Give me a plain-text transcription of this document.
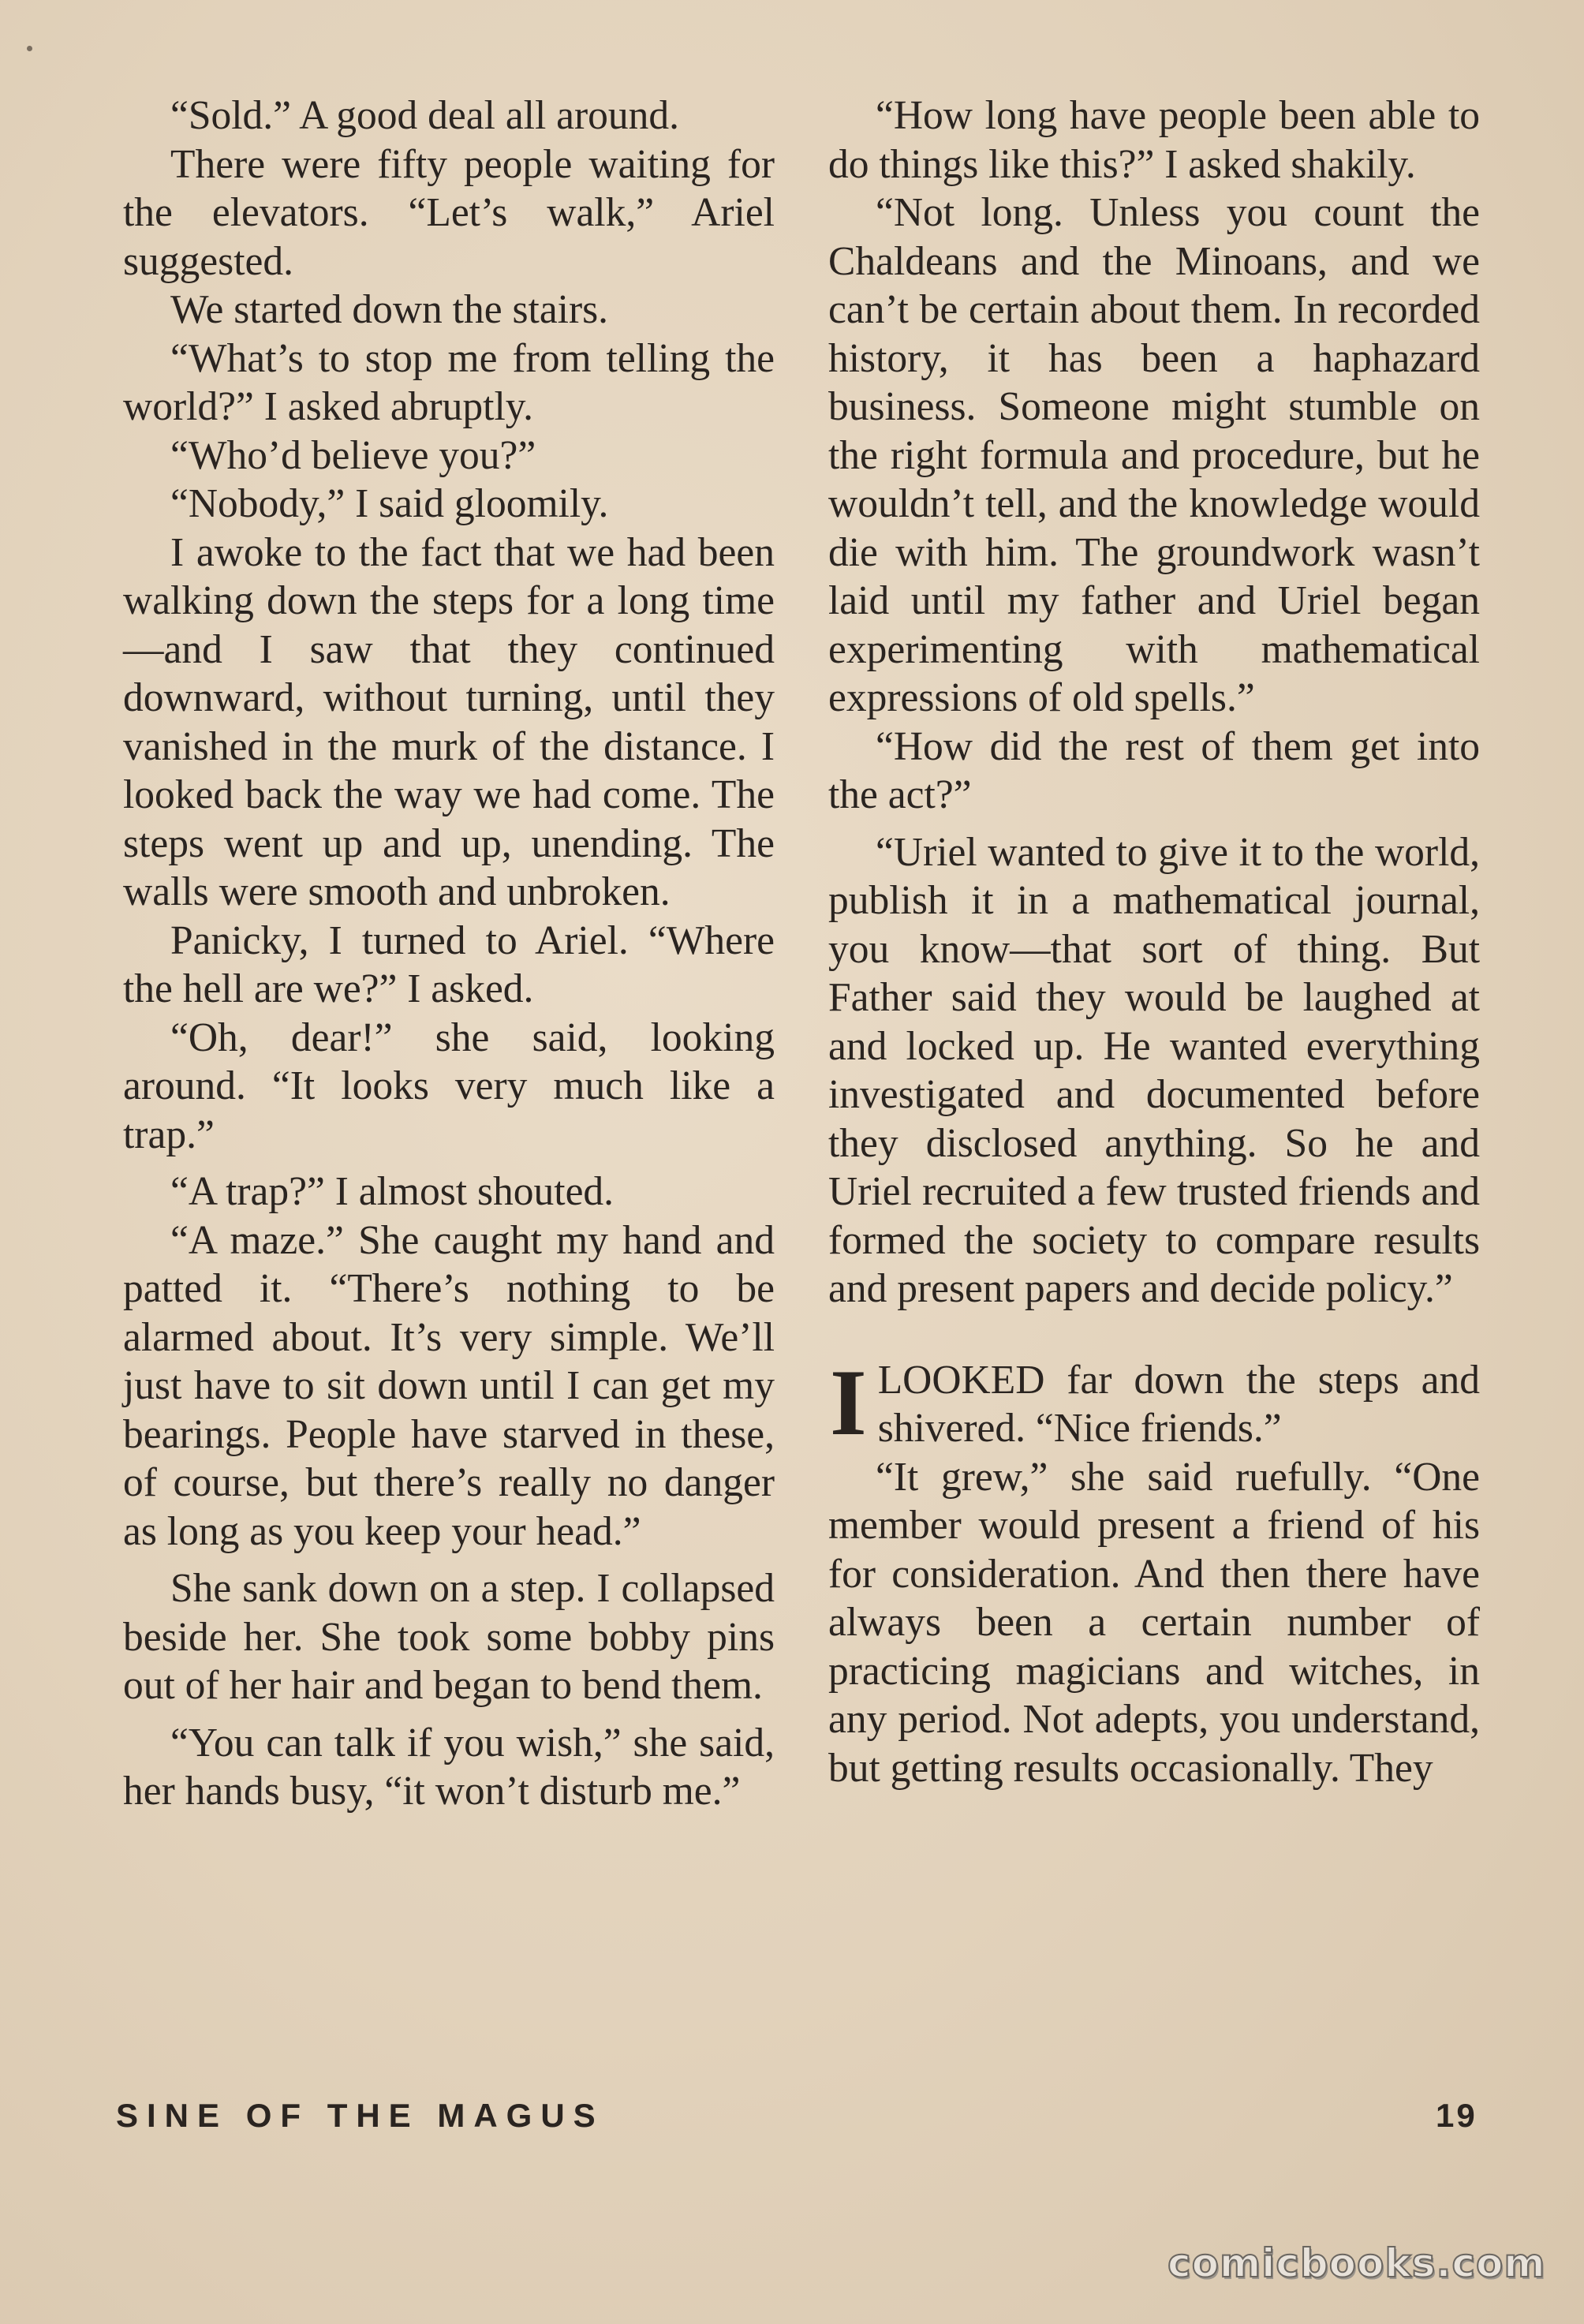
“Sold.” A good deal all around.

There were fifty people waiting for the elevators. “Let’s walk,” Ariel suggested.

We started down the stairs.

“What’s to stop me from telling the world?” I asked abruptly.

“Who’d believe you?”

“Nobody,” I said gloomily.

I awoke to the fact that we had been walking down the steps for a long time—and I saw that they continued downward, without turning, until they vanished in the murk of the distance. I looked back the way we had come. The steps went up and up, unending. The walls were smooth and unbroken.

Panicky, I turned to Ariel. “Where the hell are we?” I asked.

“Oh, dear!” she said, looking around. “It looks very much like a trap.”

“A trap?” I almost shouted.

“A maze.” She caught my hand and patted it. “There’s nothing to be alarmed about. It’s very simple. We’ll just have to sit down until I can get my bearings. People have starved in these, of course, but there’s really no danger as long as you keep your head.”

She sank down on a step. I collapsed beside her. She took some bobby pins out of her hair and began to bend them.

“You can talk if you wish,” she said, her hands busy, “it won’t disturb me.”

“How long have people been able to do things like this?” I asked shakily.

“Not long. Unless you count the Chaldeans and the Minoans, and we can’t be certain about them. In recorded history, it has been a haphazard business. Someone might stumble on the right formula and procedure, but he wouldn’t tell, and the knowledge would die with him. The groundwork wasn’t laid until my father and Uriel began experimenting with mathematical expressions of old spells.”

“How did the rest of them get into the act?”

“Uriel wanted to give it to the world, publish it in a mathematical journal, you know—that sort of thing. But Father said they would be laughed at and locked up. He wanted everything investigated and documented before they disclosed anything. So he and Uriel recruited a few trusted friends and formed the society to compare results and present papers and decide policy.”

ILOOKED far down the steps and shivered. “Nice friends.”

“It grew,” she said ruefully. “One member would present a friend of his for consideration. And then there have always been a certain number of practicing magicians and witches, in any period. Not adepts, you understand, but getting results occasionally. They

SINE OF THE MAGUS	19
comicbooks.com
